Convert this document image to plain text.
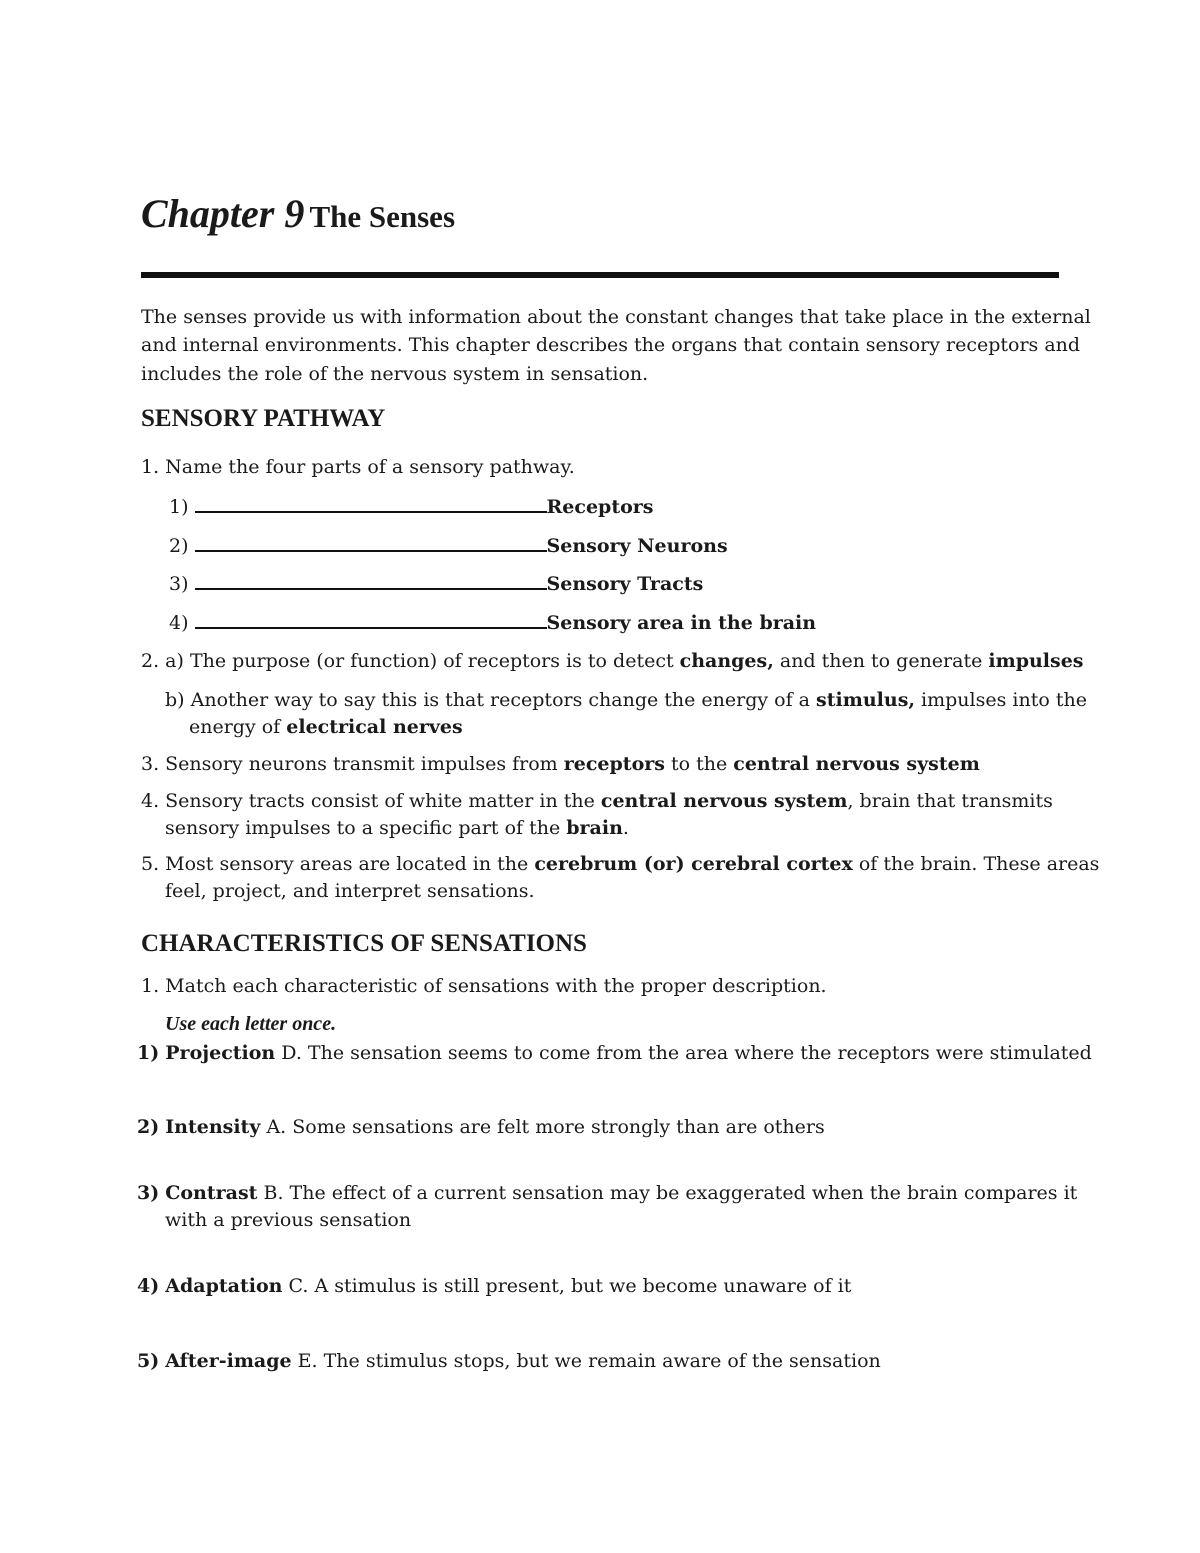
Chapter 9 The Senses
The senses provide us with information about the constant changes that take place in the external
and internal environments. This chapter describes the organs that contain sensory receptors and
includes the role of the nervous system in sensation.
SENSORY PATHWAY
1. Name the four parts of a sensory pathway.
1)	Receptors
2)	Sensory Neurons
3)	Sensory Tracts
4)	Sensory area in the brain
2. a) The purpose (or function) of receptors is to detect changes, and then to generate impulses
b) Another way to say this is that receptors change the energy of a stimulus, impulses into the
energy of electrical nerves
3. Sensory neurons transmit impulses from receptors to the central nervous system
4. Sensory tracts consist of white matter in the central nervous system, brain that transmits
sensory impulses to a specific part of the brain.
5. Most sensory areas are located in the cerebrum (or) cerebral cortex of the brain. These areas
feel, project, and interpret sensations.
CHARACTERISTICS OF SENSATIONS
1. Match each characteristic of sensations with the proper description.
Use each letter once.
1) Projection D. The sensation seems to come from the area where the receptors were stimulated
2) Intensity A. Some sensations are felt more strongly than are others
3) Contrast B. The effect of a current sensation may be exaggerated when the brain compares it
with a previous sensation
4) Adaptation C. A stimulus is still present, but we become unaware of it
5) After-image E. The stimulus stops, but we remain aware of the sensation
